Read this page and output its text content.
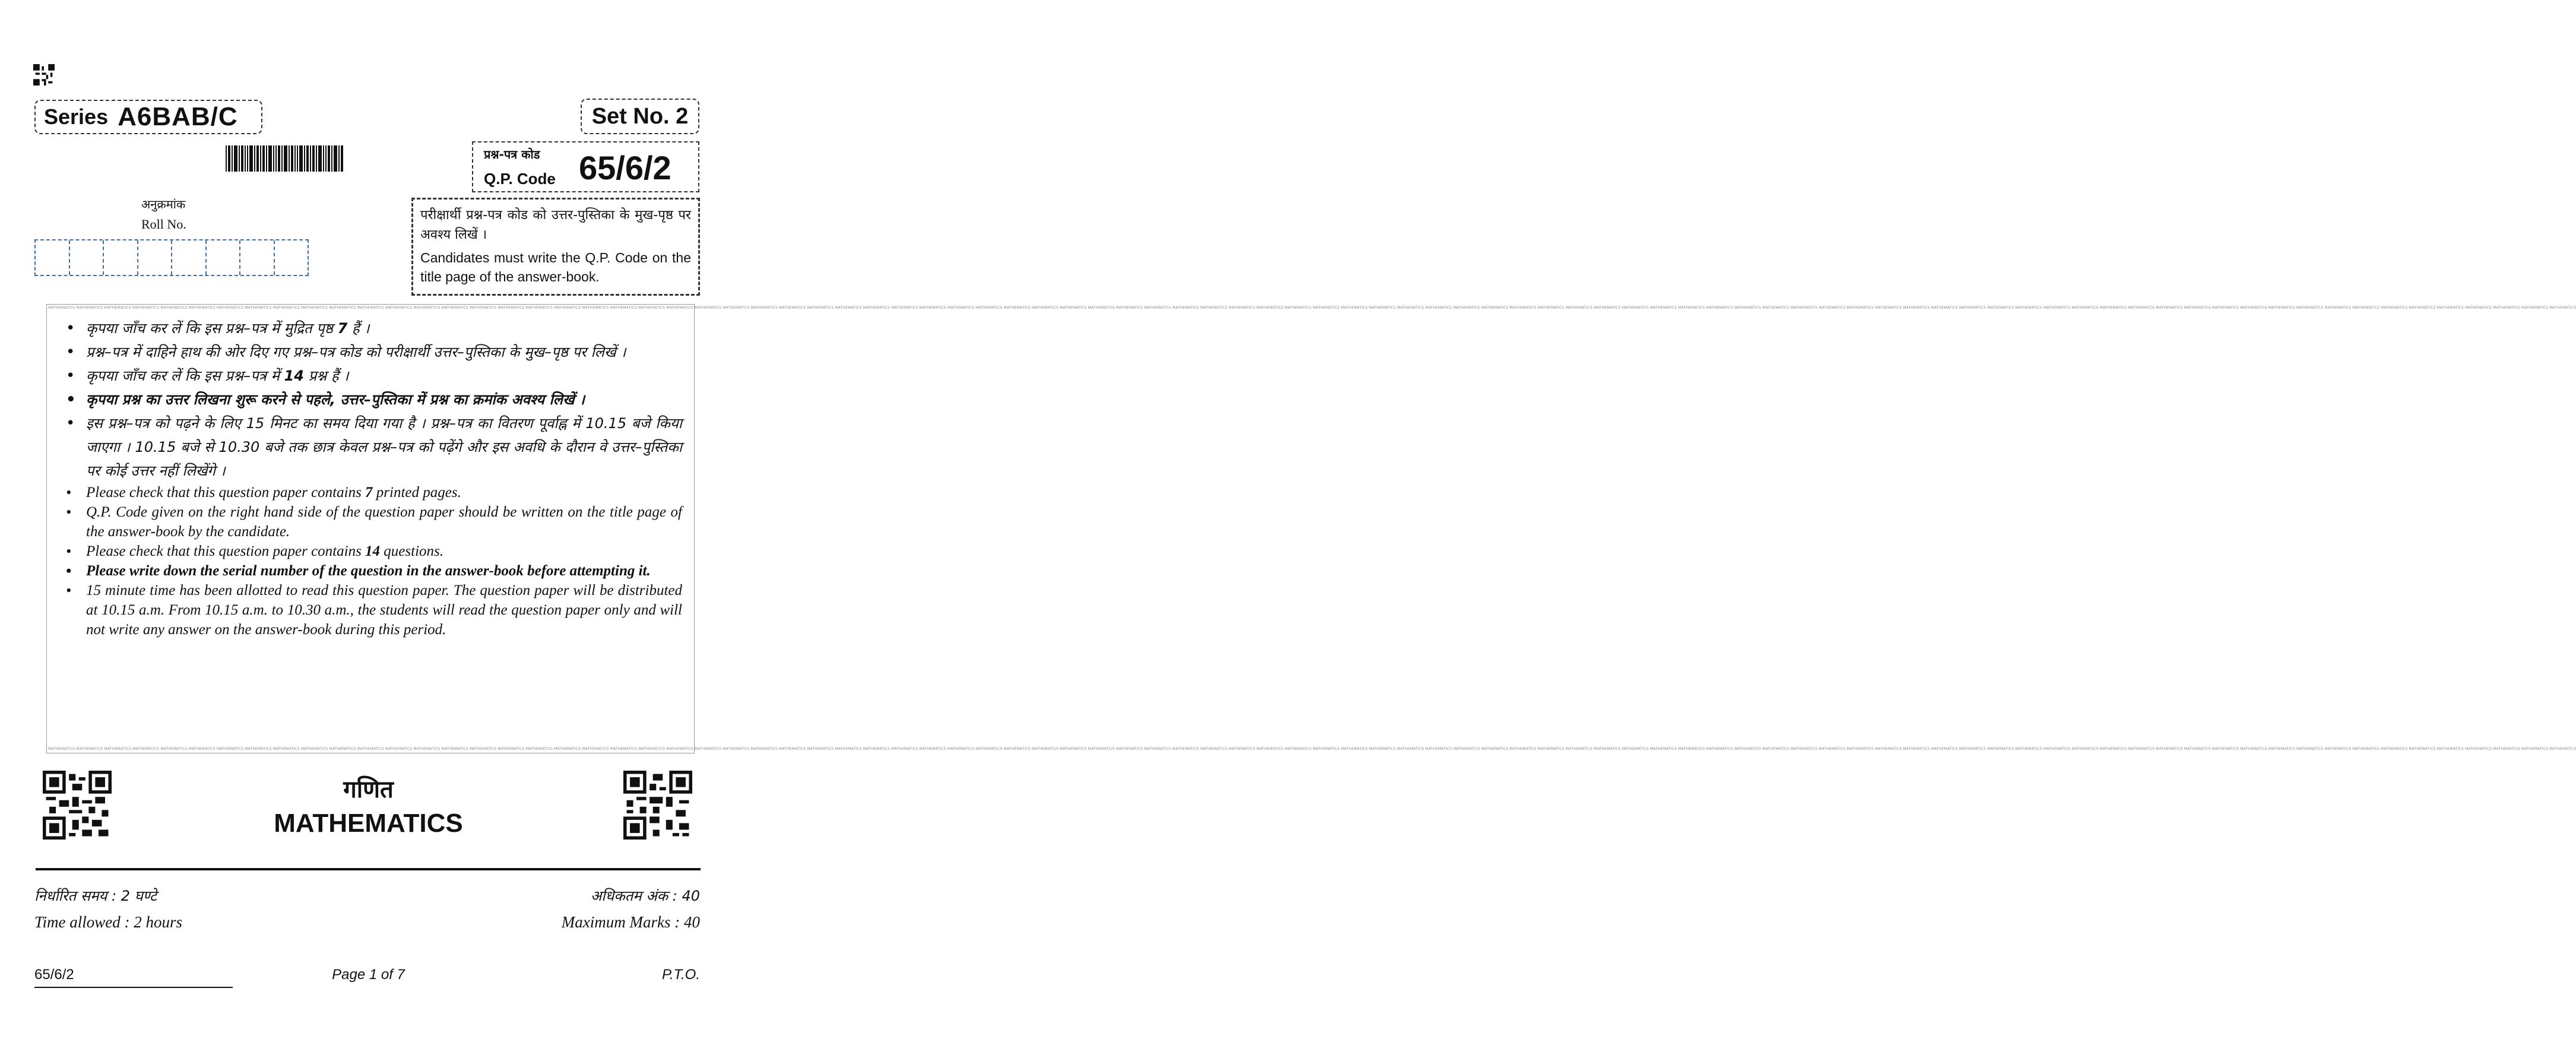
Series A6BAB/C	Set No. 2
प्रश्न-पत्र कोड
Q.P. Code 65/6/2
अनुक्रमांक
Roll No.
परीक्षार्थी प्रश्न-पत्र कोड को उत्तर-पुस्तिका के मुख-पृष्ठ पर अवश्य लिखें ।
Candidates must write the Q.P. Code on the title page of the answer-book.
MATHEMATICS MATHEMATICS MATHEMATICS MATHEMATICS MATHEMATICS MATHEMATICS MATHEMATICS MATHEMATICS MATHEMATICS MATHEMATICS MATHEMATICS MATHEMATICS MATHEMATICS MATHEMATICS MATHEMATICS MATHEMATICS MATHEMATICS MATHEMATICS MATHEMATICS MATHEMATICS MATHEMATICS MATHEMATICS MATHEMATICS MATHEMATICS MATHEMATICS MATHEMATICS MATHEMATICS MATHEMATICS MATHEMATICS MATHEMATICS MATHEMATICS MATHEMATICS MATHEMATICS MATHEMATICS MATHEMATICS MATHEMATICS MATHEMATICS MATHEMATICS MATHEMATICS MATHEMATICS MATHEMATICS MATHEMATICS MATHEMATICS MATHEMATICS MATHEMATICS MATHEMATICS MATHEMATICS MATHEMATICS MATHEMATICS MATHEMATICS MATHEMATICS MATHEMATICS MATHEMATICS MATHEMATICS MATHEMATICS MATHEMATICS MATHEMATICS MATHEMATICS MATHEMATICS MATHEMATICS MATHEMATICS MATHEMATICS MATHEMATICS MATHEMATICS MATHEMATICS MATHEMATICS MATHEMATICS MATHEMATICS MATHEMATICS MATHEMATICS MATHEMATICS MATHEMATICS MATHEMATICS MATHEMATICS MATHEMATICS MATHEMATICS MATHEMATICS MATHEMATICS MATHEMATICS MATHEMATICS MATHEMATICS MATHEMATICS MATHEMATICS MATHEMATICS MATHEMATICS MATHEMATICS MATHEMATICS MATHEMATICS MATHEMATICS MATHEMATICS
MATHEMATICS MATHEMATICS MATHEMATICS MATHEMATICS MATHEMATICS MATHEMATICS MATHEMATICS MATHEMATICS MATHEMATICS MATHEMATICS MATHEMATICS MATHEMATICS MATHEMATICS MATHEMATICS MATHEMATICS MATHEMATICS MATHEMATICS MATHEMATICS MATHEMATICS MATHEMATICS MATHEMATICS MATHEMATICS MATHEMATICS MATHEMATICS MATHEMATICS MATHEMATICS MATHEMATICS MATHEMATICS MATHEMATICS MATHEMATICS MATHEMATICS MATHEMATICS MATHEMATICS MATHEMATICS MATHEMATICS MATHEMATICS MATHEMATICS MATHEMATICS MATHEMATICS MATHEMATICS MATHEMATICS MATHEMATICS MATHEMATICS MATHEMATICS MATHEMATICS MATHEMATICS MATHEMATICS MATHEMATICS MATHEMATICS MATHEMATICS MATHEMATICS MATHEMATICS MATHEMATICS MATHEMATICS MATHEMATICS MATHEMATICS MATHEMATICS MATHEMATICS MATHEMATICS MATHEMATICS MATHEMATICS MATHEMATICS MATHEMATICS MATHEMATICS MATHEMATICS MATHEMATICS MATHEMATICS MATHEMATICS MATHEMATICS MATHEMATICS MATHEMATICS MATHEMATICS MATHEMATICS MATHEMATICS MATHEMATICS MATHEMATICS MATHEMATICS MATHEMATICS MATHEMATICS MATHEMATICS MATHEMATICS MATHEMATICS MATHEMATICS MATHEMATICS MATHEMATICS MATHEMATICS MATHEMATICS MATHEMATICS MATHEMATICS MATHEMATICS
• कृपया जाँच कर लें कि इस प्रश्न–पत्र में मुद्रित पृष्ठ 7 हैं ।
• प्रश्न–पत्र में दाहिने हाथ की ओर दिए गए प्रश्न–पत्र कोड को परीक्षार्थी उत्तर–पुस्तिका के मुख–पृष्ठ पर लिखें ।
• कृपया जाँच कर लें कि इस प्रश्न–पत्र में 14 प्रश्न हैं ।
• कृपया प्रश्न का उत्तर लिखना शुरू करने से पहले, उत्तर–पुस्तिका में प्रश्न का क्रमांक अवश्य लिखें ।
• इस प्रश्न–पत्र को पढ़ने के लिए 15 मिनट का समय दिया गया है । प्रश्न–पत्र का वितरण पूर्वाह्न में 10.15 बजे किया जाएगा । 10.15 बजे से 10.30 बजे तक छात्र केवल प्रश्न–पत्र को पढ़ेंगे और इस अवधि के दौरान वे उत्तर–पुस्तिका पर कोई उत्तर नहीं लिखेंगे ।
• Please check that this question paper contains 7 printed pages.
• Q.P. Code given on the right hand side of the question paper should be written on the title page of the answer-book by the candidate.
• Please check that this question paper contains 14 questions.
• Please write down the serial number of the question in the answer-book before attempting it.
• 15 minute time has been allotted to read this question paper. The question paper will be distributed at 10.15 a.m. From 10.15 a.m. to 10.30 a.m., the students will read the question paper only and will not write any answer on the answer-book during this period.
गणित
MATHEMATICS
निर्धारित समय : 2 घण्टे
Time allowed : 2 hours
अधिकतम अंक : 40
Maximum Marks : 40
65/6/2	Page 1 of 7	P.T.O.
